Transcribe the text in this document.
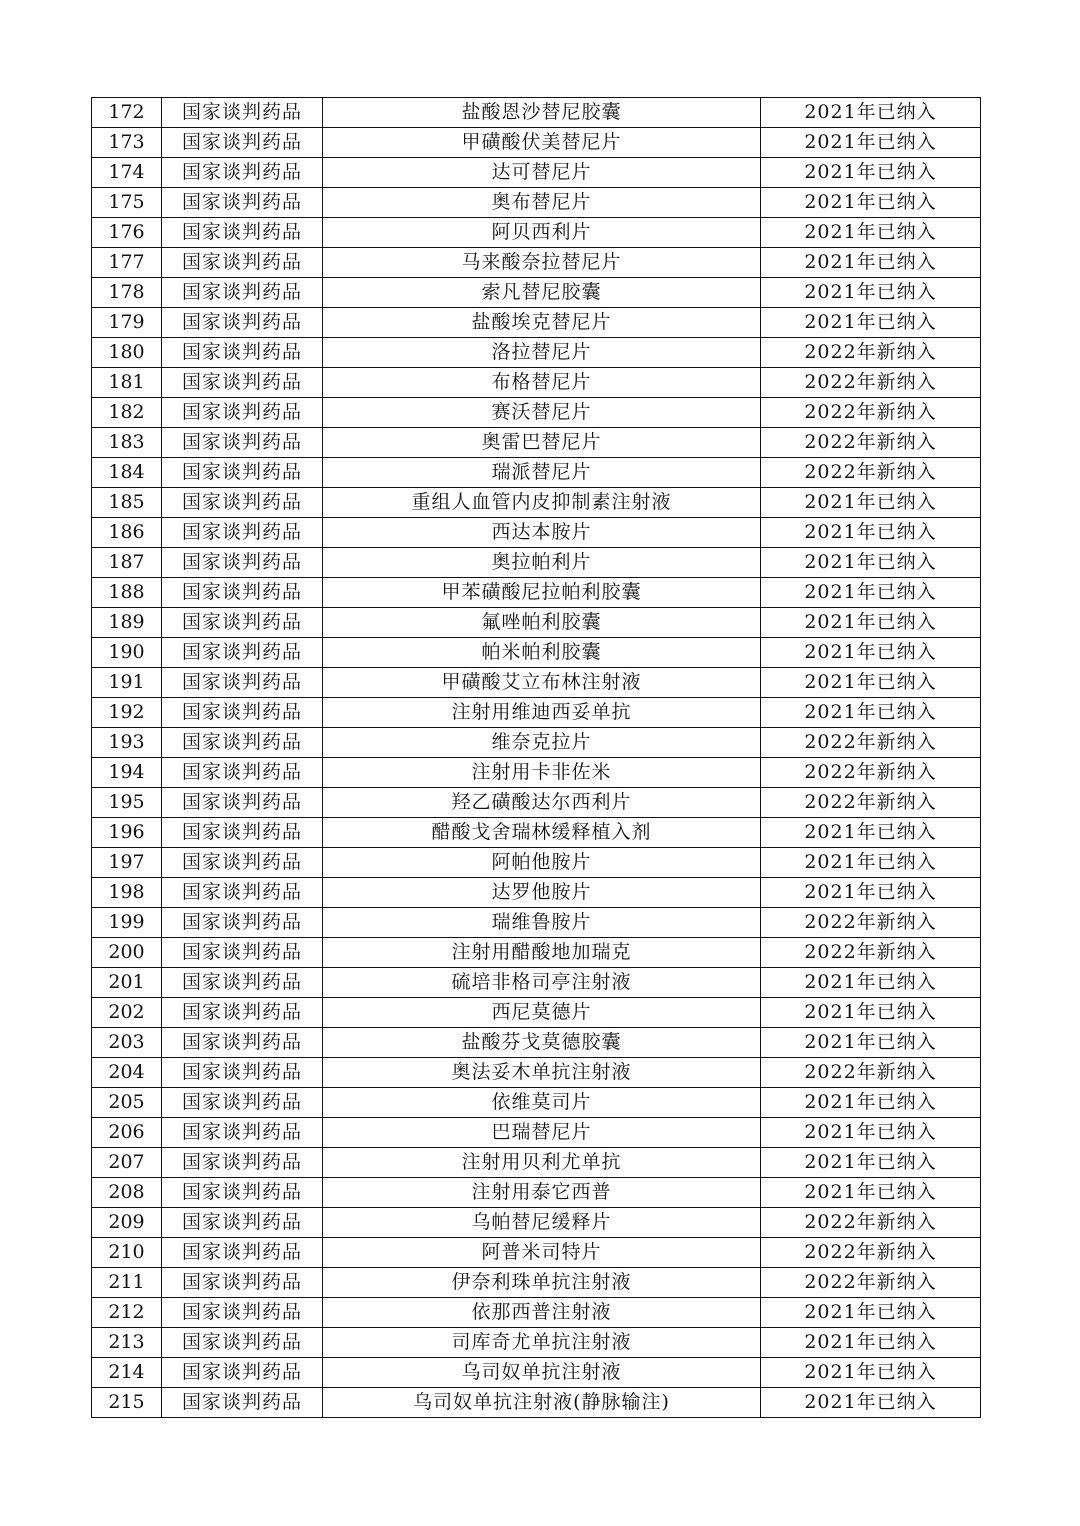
172	国家谈判药品	盐酸恩沙替尼胶囊	2021年已纳入
173	国家谈判药品	甲磺酸伏美替尼片	2021年已纳入
174	国家谈判药品	达可替尼片	2021年已纳入
175	国家谈判药品	奥布替尼片	2021年已纳入
176	国家谈判药品	阿贝西利片	2021年已纳入
177	国家谈判药品	马来酸奈拉替尼片	2021年已纳入
178	国家谈判药品	索凡替尼胶囊	2021年已纳入
179	国家谈判药品	盐酸埃克替尼片	2021年已纳入
180	国家谈判药品	洛拉替尼片	2022年新纳入
181	国家谈判药品	布格替尼片	2022年新纳入
182	国家谈判药品	赛沃替尼片	2022年新纳入
183	国家谈判药品	奥雷巴替尼片	2022年新纳入
184	国家谈判药品	瑞派替尼片	2022年新纳入
185	国家谈判药品	重组人血管内皮抑制素注射液	2021年已纳入
186	国家谈判药品	西达本胺片	2021年已纳入
187	国家谈判药品	奥拉帕利片	2021年已纳入
188	国家谈判药品	甲苯磺酸尼拉帕利胶囊	2021年已纳入
189	国家谈判药品	氟唑帕利胶囊	2021年已纳入
190	国家谈判药品	帕米帕利胶囊	2021年已纳入
191	国家谈判药品	甲磺酸艾立布林注射液	2021年已纳入
192	国家谈判药品	注射用维迪西妥单抗	2021年已纳入
193	国家谈判药品	维奈克拉片	2022年新纳入
194	国家谈判药品	注射用卡非佐米	2022年新纳入
195	国家谈判药品	羟乙磺酸达尔西利片	2022年新纳入
196	国家谈判药品	醋酸戈舍瑞林缓释植入剂	2021年已纳入
197	国家谈判药品	阿帕他胺片	2021年已纳入
198	国家谈判药品	达罗他胺片	2021年已纳入
199	国家谈判药品	瑞维鲁胺片	2022年新纳入
200	国家谈判药品	注射用醋酸地加瑞克	2022年新纳入
201	国家谈判药品	硫培非格司亭注射液	2021年已纳入
202	国家谈判药品	西尼莫德片	2021年已纳入
203	国家谈判药品	盐酸芬戈莫德胶囊	2021年已纳入
204	国家谈判药品	奥法妥木单抗注射液	2022年新纳入
205	国家谈判药品	依维莫司片	2021年已纳入
206	国家谈判药品	巴瑞替尼片	2021年已纳入
207	国家谈判药品	注射用贝利尤单抗	2021年已纳入
208	国家谈判药品	注射用泰它西普	2021年已纳入
209	国家谈判药品	乌帕替尼缓释片	2022年新纳入
210	国家谈判药品	阿普米司特片	2022年新纳入
211	国家谈判药品	伊奈利珠单抗注射液	2022年新纳入
212	国家谈判药品	依那西普注射液	2021年已纳入
213	国家谈判药品	司库奇尤单抗注射液	2021年已纳入
214	国家谈判药品	乌司奴单抗注射液	2021年已纳入
215	国家谈判药品	乌司奴单抗注射液(静脉输注)	2021年已纳入
